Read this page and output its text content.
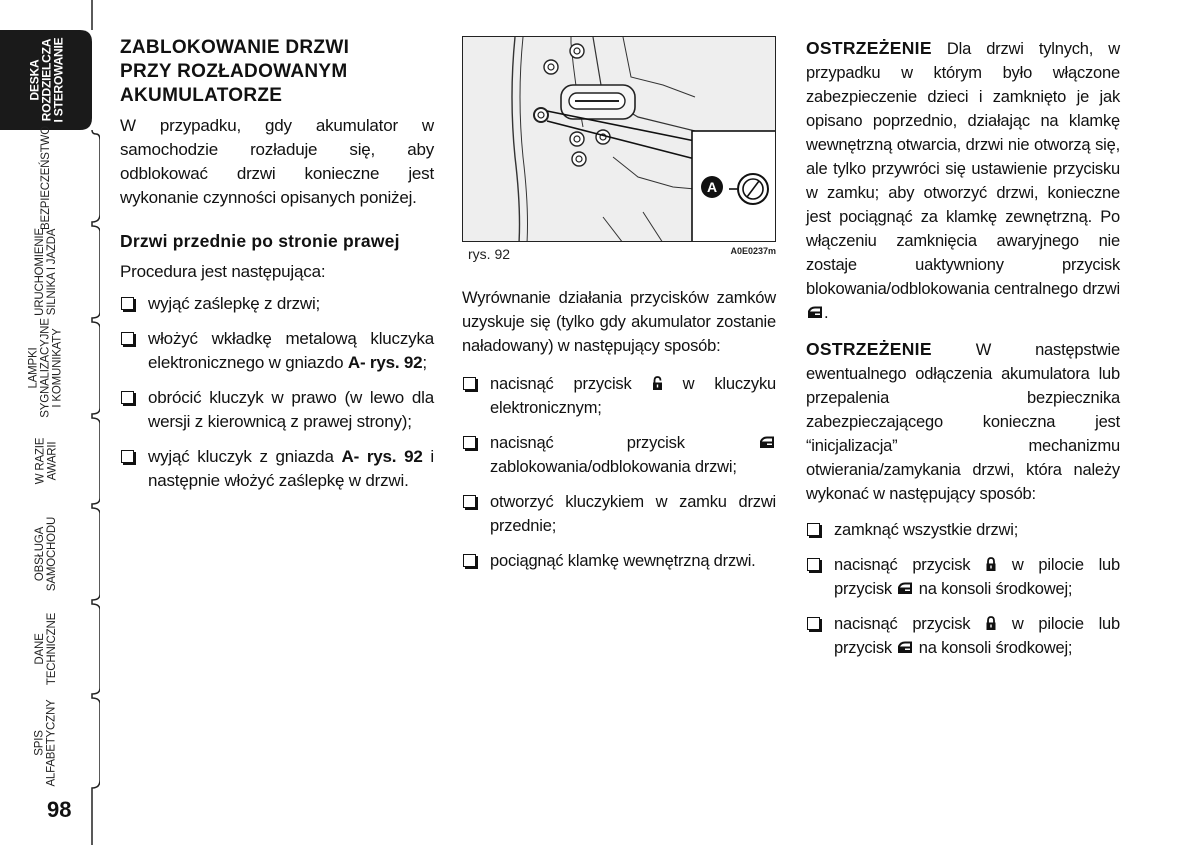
DESKA
ROZDZIELCZA
I STEROWANIE
BEZPIECZEŃSTWO
URUCHOMIENIE
SILNIKA I JAZDA
LAMPKI
SYGNALIZACYJNE
I KOMUNIKATY
W RAZIE
AWARII
OBSŁUGA
SAMOCHODU
DANE
TECHNICZNE
SPIS
ALFABETYCZNY
98
ZABLOKOWANIE DRZWI
PRZY ROZŁADOWANYM
AKUMULATORZE

W przypadku, gdy akumulator w samochodzie rozładuje się, aby odblokować drzwi konieczne jest wykonanie czynności opisanych poniżej.

Drzwi przednie po stronie prawej

Procedura jest następująca:

wyjąć zaślepkę z drzwi;
włożyć wkładkę metalową kluczyka elektronicznego w gniazdo A- rys. 92;
obrócić kluczyk w prawo (w lewo dla wersji z kierownicą z prawej strony);
wyjąć kluczyk z gniazda A- rys. 92 i następnie włożyć zaślepkę w drzwi.
A
rys. 92	A0E0237m

Wyrównanie działania przycisków zamków uzyskuje się (tylko gdy akumulator zostanie naładowany) w następujący sposób:

nacisnąć przycisk  w kluczyku elektronicznym;
nacisnąć przycisk  zablokowania/odblokowania drzwi;
otworzyć kluczykiem w zamku drzwi przednie;
pociągnąć klamkę wewnętrzną drzwi.

OSTRZEŻENIE Dla drzwi tylnych, w przypadku w którym było włączone zabezpieczenie dzieci i zamknięto je jak opisano poprzednio, działając na klamkę wewnętrzną otwarcia, drzwi nie otworzą się, ale tylko przywróci się ustawienie przycisku w zamku; aby otworzyć drzwi, konieczne jest pociągnąć za klamkę zewnętrzną. Po włączeniu zamknięcia awaryjnego nie zostaje uaktywniony przycisk blokowania/odblokowania centralnego drzwi .

OSTRZEŻENIE W następstwie ewentualnego odłączenia akumulatora lub przepalenia bezpiecznika zabezpieczającego konieczna jest “inicjalizacja” mechanizmu otwierania/zamykania drzwi, która należy wykonać w następujący sposób:

zamknąć wszystkie drzwi;
nacisnąć przycisk  w pilocie lub przycisk  na konsoli środkowej;
nacisnąć przycisk  w pilocie lub przycisk  na konsoli środkowej;
